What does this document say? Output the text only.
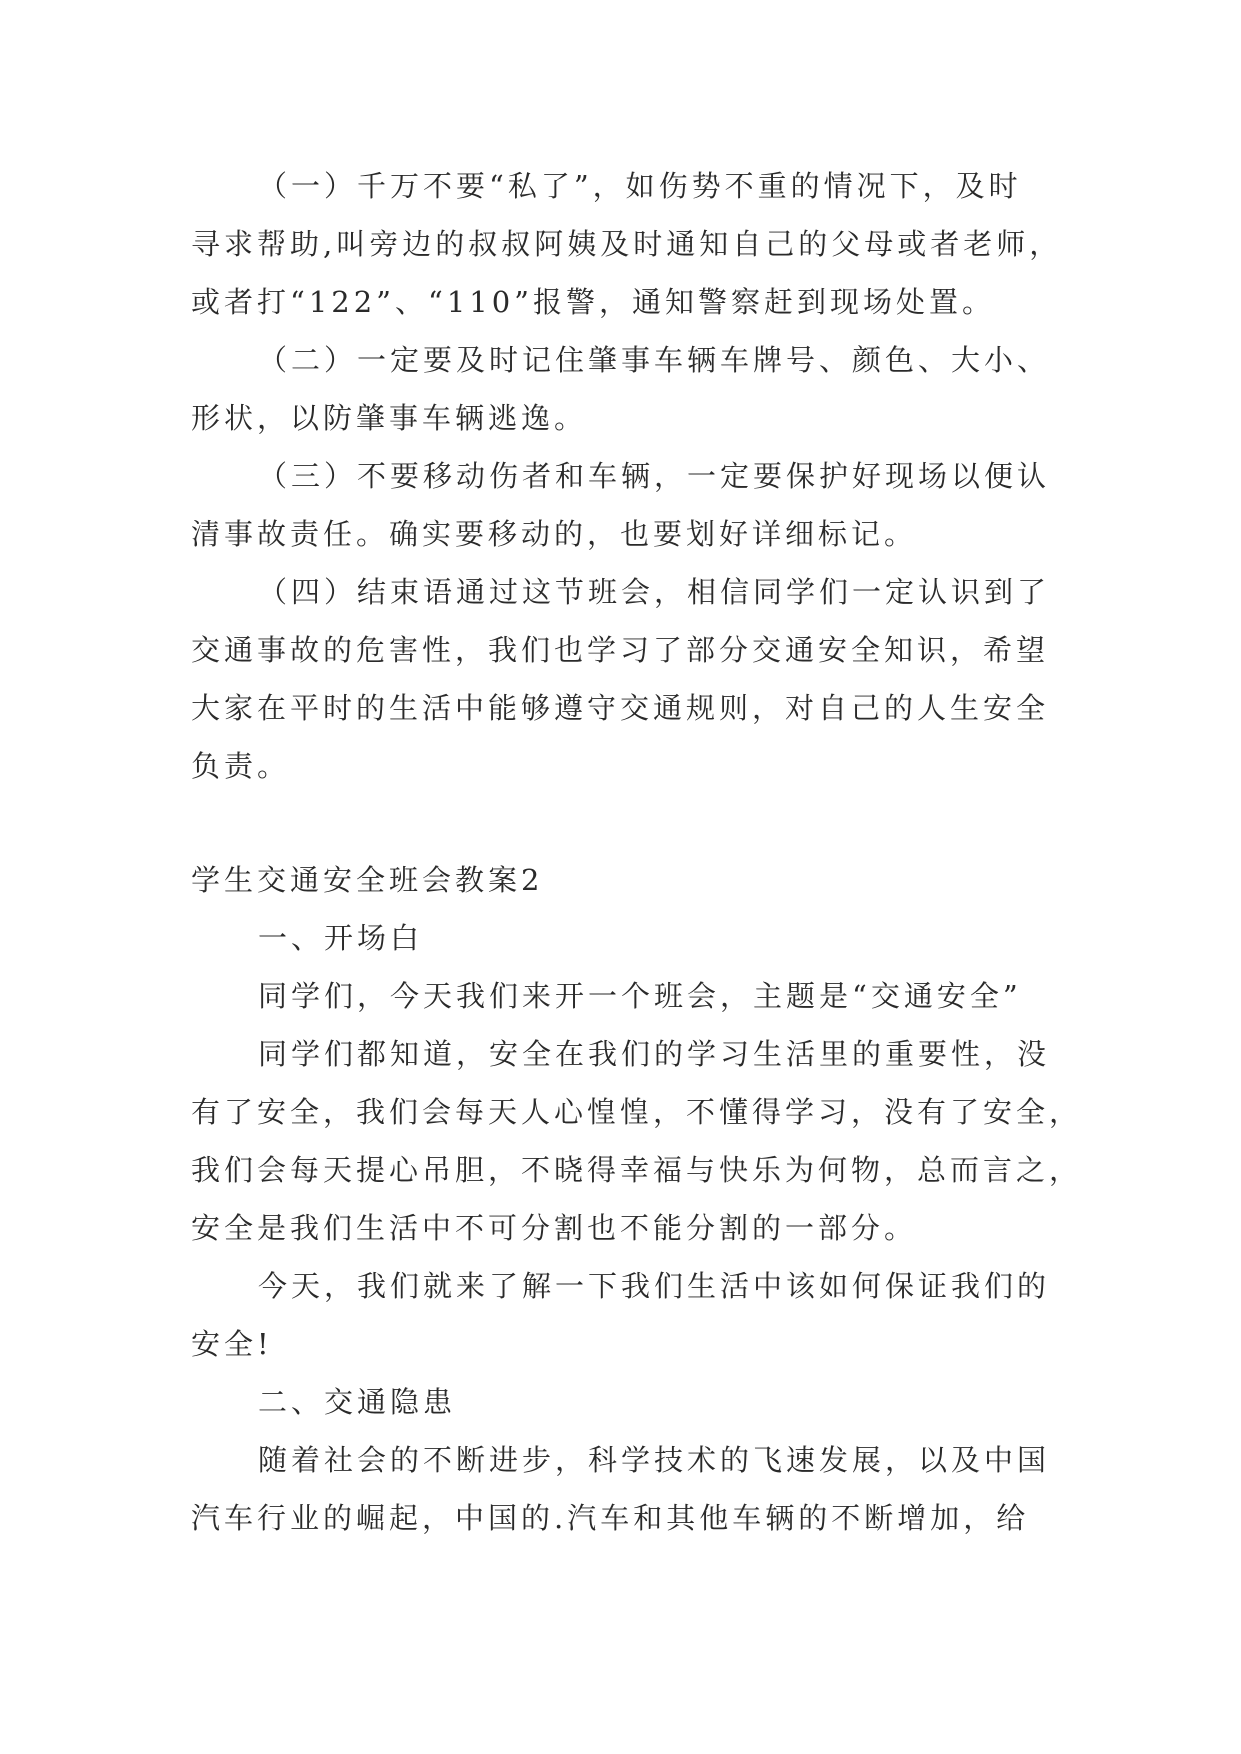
（一）千万不要“私了”，如伤势不重的情况下，及时
寻求帮助,叫旁边的叔叔阿姨及时通知自己的父母或者老师，
或者打“122”、“110”报警，通知警察赶到现场处置。
（二）一定要及时记住肇事车辆车牌号、颜色、大小、
形状，以防肇事车辆逃逸。
（三）不要移动伤者和车辆，一定要保护好现场以便认
清事故责任。确实要移动的，也要划好详细标记。
（四）结束语通过这节班会，相信同学们一定认识到了
交通事故的危害性，我们也学习了部分交通安全知识，希望
大家在平时的生活中能够遵守交通规则，对自己的人生安全
负责。
学生交通安全班会教案2
一、开场白
同学们，今天我们来开一个班会，主题是“交通安全”
同学们都知道，安全在我们的学习生活里的重要性，没
有了安全，我们会每天人心惶惶，不懂得学习，没有了安全，
我们会每天提心吊胆，不晓得幸福与快乐为何物，总而言之，
安全是我们生活中不可分割也不能分割的一部分。
今天，我们就来了解一下我们生活中该如何保证我们的
安全!
二、交通隐患
随着社会的不断进步，科学技术的飞速发展，以及中国
汽车行业的崛起，中国的.汽车和其他车辆的不断增加，给
